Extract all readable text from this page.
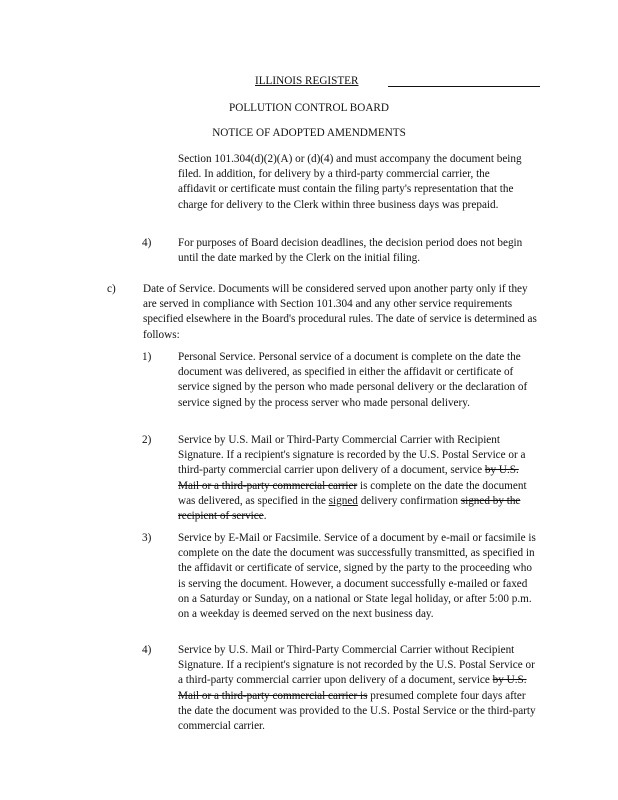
ILLINOIS REGISTER
POLLUTION CONTROL BOARD
NOTICE OF ADOPTED AMENDMENTS
Section 101.304(d)(2)(A) or (d)(4) and must accompany the document being filed. In addition, for delivery by a third-party commercial carrier, the affidavit or certificate must contain the filing party's representation that the charge for delivery to the Clerk within three business days was prepaid.
4) For purposes of Board decision deadlines, the decision period does not begin until the date marked by the Clerk on the initial filing.
c) Date of Service. Documents will be considered served upon another party only if they are served in compliance with Section 101.304 and any other service requirements specified elsewhere in the Board's procedural rules. The date of service is determined as follows:
1) Personal Service. Personal service of a document is complete on the date the document was delivered, as specified in either the affidavit or certificate of service signed by the person who made personal delivery or the declaration of service signed by the process server who made personal delivery.
2) Service by U.S. Mail or Third-Party Commercial Carrier with Recipient Signature. If a recipient's signature is recorded by the U.S. Postal Service or a third-party commercial carrier upon delivery of a document, service by U.S. Mail or a third-party commercial carrier is complete on the date the document was delivered, as specified in the signed delivery confirmation signed by the recipient of service.
3) Service by E-Mail or Facsimile. Service of a document by e-mail or facsimile is complete on the date the document was successfully transmitted, as specified in the affidavit or certificate of service, signed by the party to the proceeding who is serving the document. However, a document successfully e-mailed or faxed on a Saturday or Sunday, on a national or State legal holiday, or after 5:00 p.m. on a weekday is deemed served on the next business day.
4) Service by U.S. Mail or Third-Party Commercial Carrier without Recipient Signature. If a recipient's signature is not recorded by the U.S. Postal Service or a third-party commercial carrier upon delivery of a document, service by U.S. Mail or a third-party commercial carrier is presumed complete four days after the date the document was provided to the U.S. Postal Service or the third-party commercial carrier.
